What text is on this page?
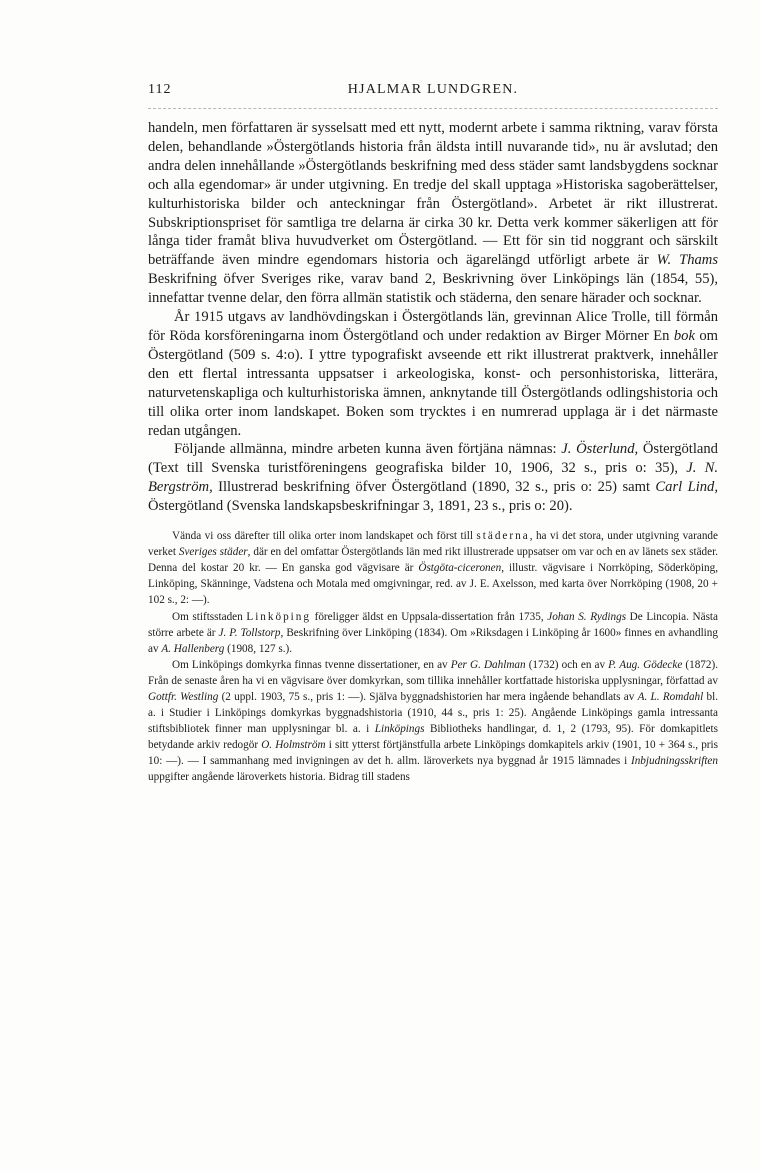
112	HJALMAR LUNDGREN.

handeln, men författaren är sysselsatt med ett nytt, modernt arbete i samma riktning, varav första delen, behandlande »Östergötlands historia från äldsta intill nuvarande tid», nu är avslutad; den andra delen innehållande »Östergötlands beskrifning med dess städer samt landsbygdens socknar och alla egendomar» är under utgivning. En tredje del skall upptaga »Historiska sagoberättelser, kulturhistoriska bilder och anteckningar från Östergötland». Arbetet är rikt illustrerat. Subskriptionspriset för samtliga tre delarna är cirka 30 kr. Detta verk kommer säkerligen att för långa tider framåt bliva huvudverket om Östergötland. — Ett för sin tid noggrant och särskilt beträffande även mindre egendomars historia och ägarelängd utförligt arbete är W. Thams Beskrifning öfver Sveriges rike, varav band 2, Beskrivning över Linköpings län (1854, 55), innefattar tvenne delar, den förra allmän statistik och städerna, den senare härader och socknar.

År 1915 utgavs av landhövdingskan i Östergötlands län, grevinnan Alice Trolle, till förmån för Röda korsföreningarna inom Östergötland och under redaktion av Birger Mörner En bok om Östergötland (509 s. 4:o). I yttre typografiskt avseende ett rikt illustrerat praktverk, innehåller den ett flertal intressanta uppsatser i arkeologiska, konst- och personhistoriska, litterära, naturvetenskapliga och kulturhistoriska ämnen, anknytande till Östergötlands odlingshistoria och till olika orter inom landskapet. Boken som trycktes i en numrerad upplaga är i det närmaste redan utgången.

Följande allmänna, mindre arbeten kunna även förtjäna nämnas: J. Österlund, Östergötland (Text till Svenska turistföreningens geografiska bilder 10, 1906, 32 s., pris o: 35), J. N. Bergström, Illustrerad beskrifning öfver Östergötland (1890, 32 s., pris o: 25) samt Carl Lind, Östergötland (Svenska landskapsbeskrifningar 3, 1891, 23 s., pris o: 20).

Vända vi oss därefter till olika orter inom landskapet och först till städerna, ha vi det stora, under utgivning varande verket Sveriges städer, där en del omfattar Östergötlands län med rikt illustrerade uppsatser om var och en av länets sex städer. Denna del kostar 20 kr. — En ganska god vägvisare är Östgöta-ciceronen, illustr. vägvisare i Norrköping, Söderköping, Linköping, Skänninge, Vadstena och Motala med omgivningar, red. av J. E. Axelsson, med karta över Norrköping (1908, 20 + 102 s., 2: —).

Om stiftsstaden Linköping föreligger äldst en Uppsala-dissertation från 1735, Johan S. Rydings De Lincopia. Nästa större arbete är J. P. Tollstorp, Beskrifning över Linköping (1834). Om »Riksdagen i Linköping år 1600» finnes en avhandling av A. Hallenberg (1908, 127 s.).

Om Linköpings domkyrka finnas tvenne dissertationer, en av Per G. Dahlman (1732) och en av P. Aug. Gödecke (1872). Från de senaste åren ha vi en vägvisare över domkyrkan, som tillika innehåller kortfattade historiska upplysningar, författad av Gottfr. Westling (2 uppl. 1903, 75 s., pris 1: —). Själva byggnadshistorien har mera ingående behandlats av A. L. Romdahl bl. a. i Studier i Linköpings domkyrkas byggnadshistoria (1910, 44 s., pris 1: 25). Angående Linköpings gamla intressanta stiftsbibliotek finner man upplysningar bl. a. i Linköpings Bibliotheks handlingar, d. 1, 2 (1793, 95). För domkapitlets betydande arkiv redogör O. Holmström i sitt ytterst förtjänstfulla arbete Linköpings domkapitels arkiv (1901, 10 + 364 s., pris 10: —). — I sammanhang med invigningen av det h. allm. läroverkets nya byggnad år 1915 lämnades i Inbjudningsskriften uppgifter angående läroverkets historia. Bidrag till stadens
